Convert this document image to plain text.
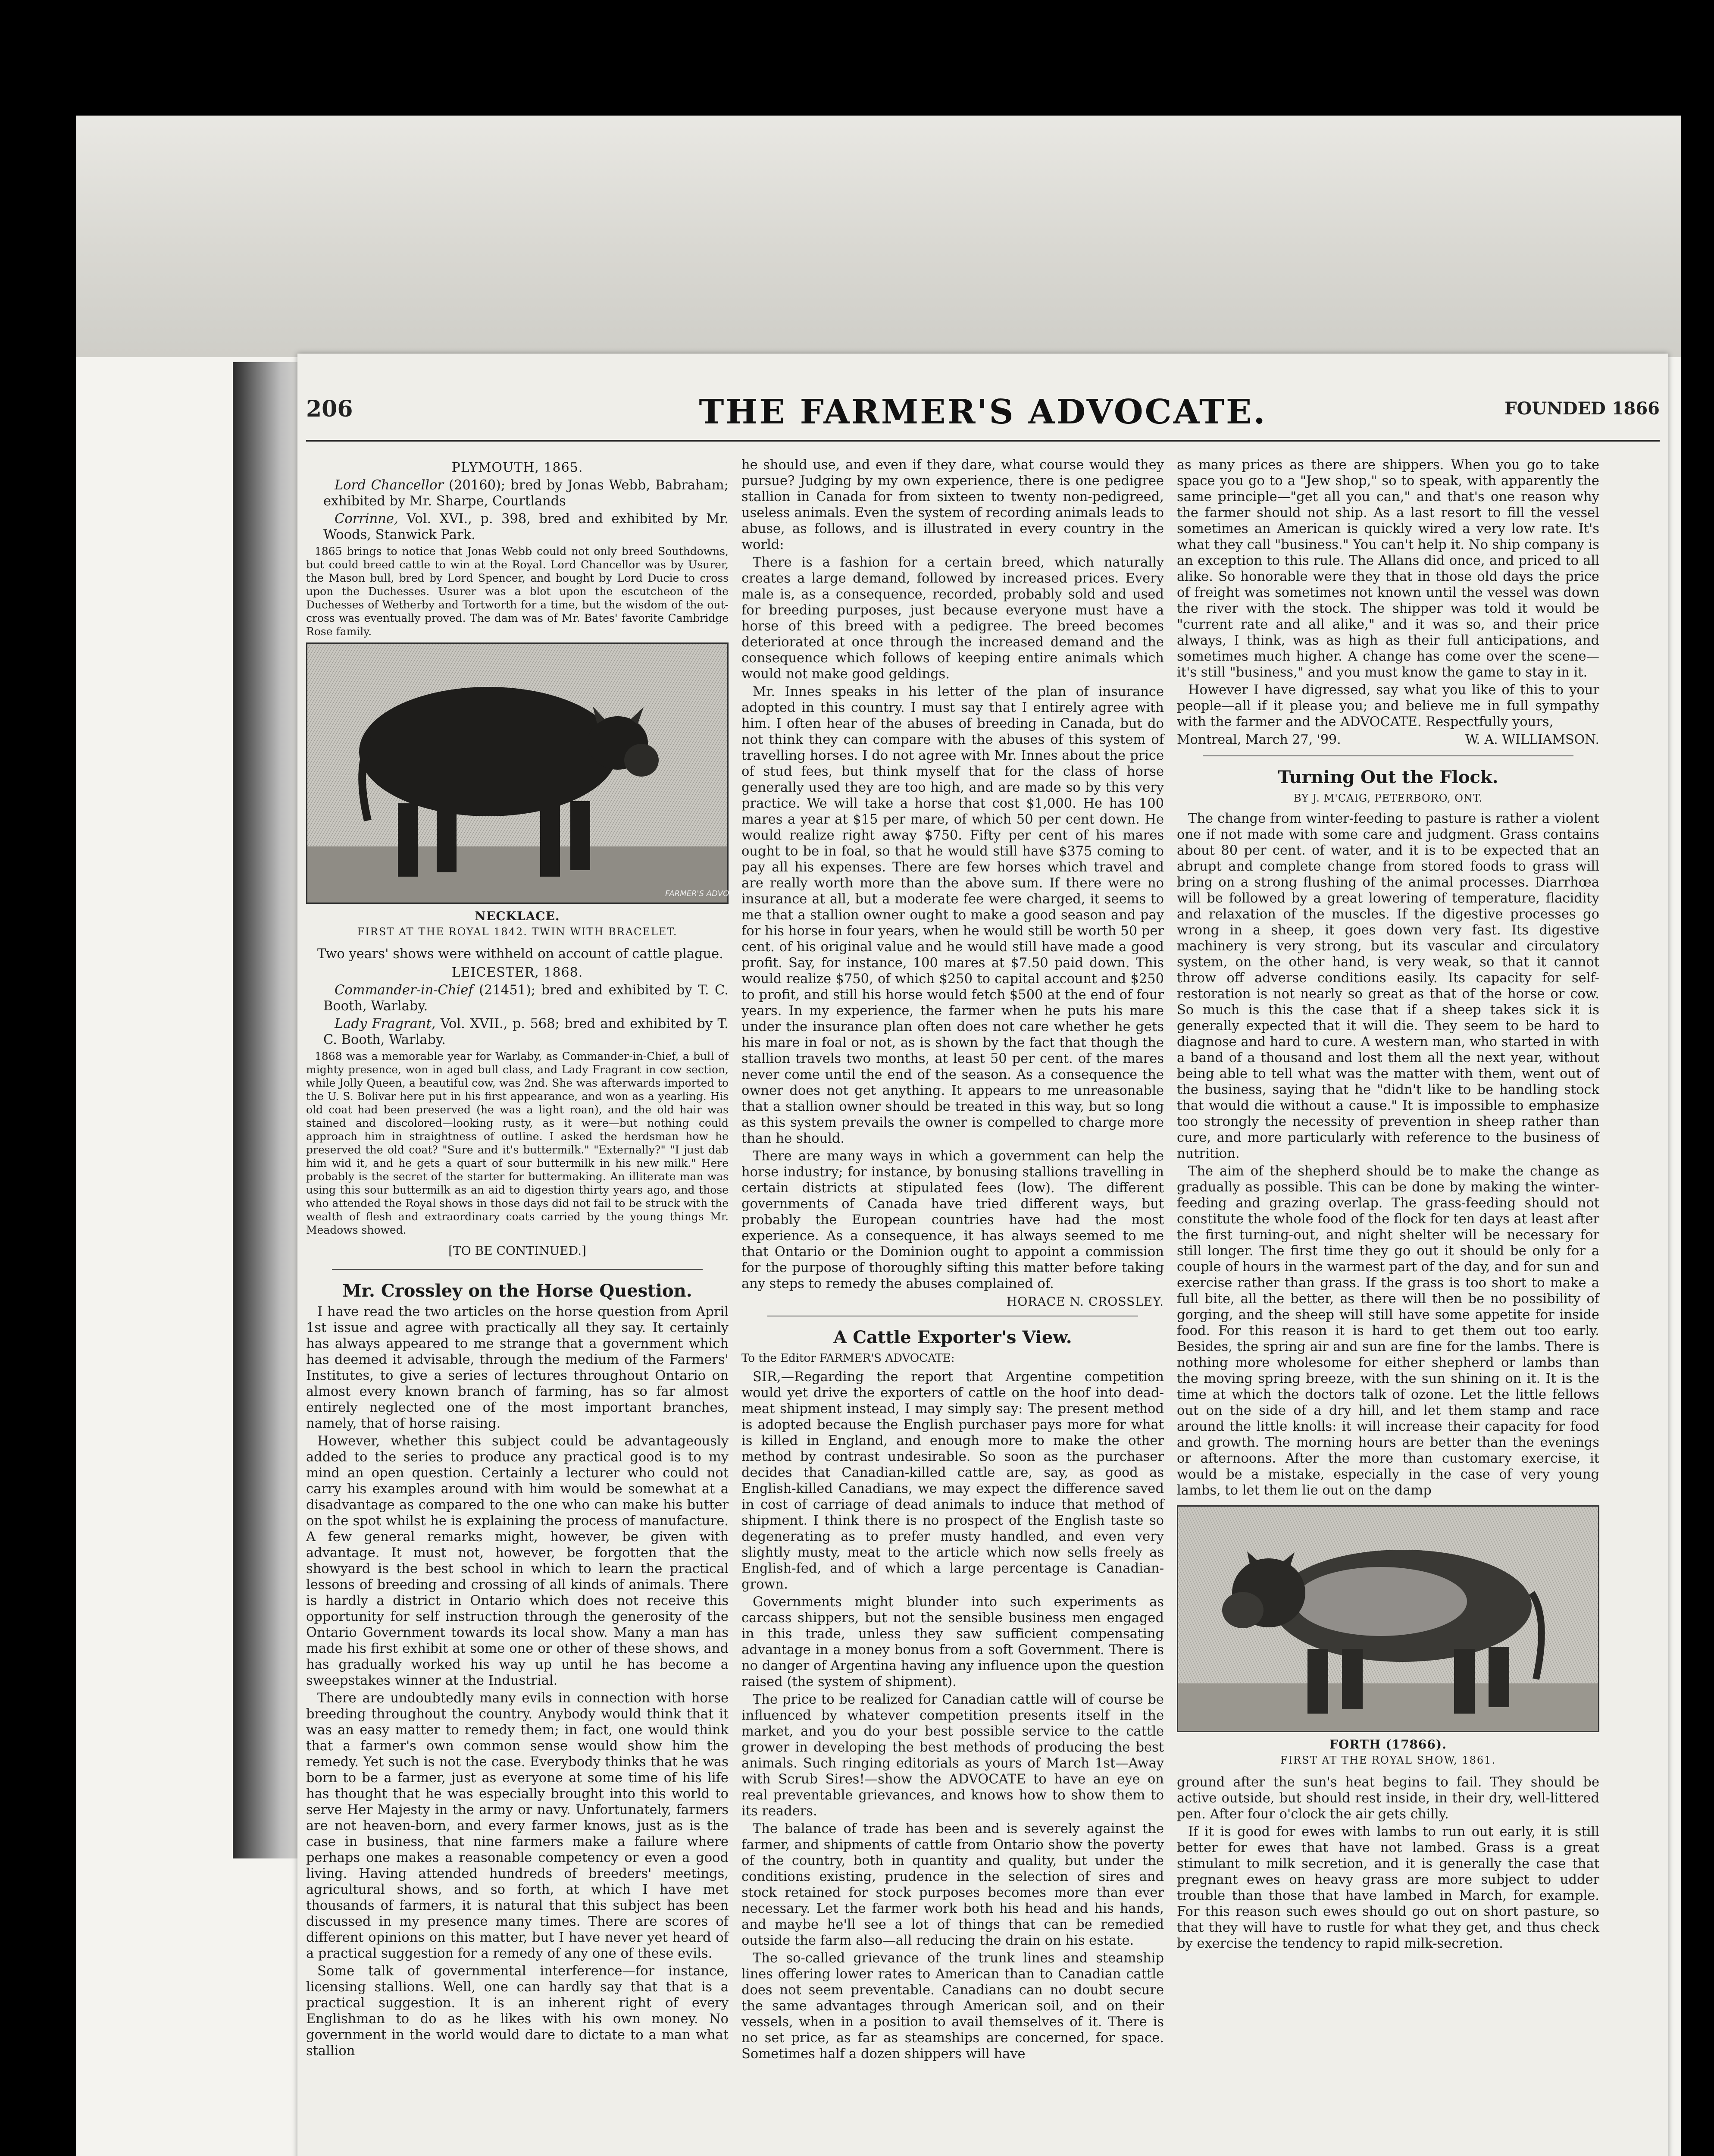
206	THE FARMER'S ADVOCATE.	FOUNDED 1866
PLYMOUTH, 1865.

Lord Chancellor (20160); bred by Jonas Webb, Babraham; exhibited by Mr. Sharpe, Courtlands

Corrinne, Vol. XVI., p. 398, bred and exhibited by Mr. Woods, Stanwick Park.

1865 brings to notice that Jonas Webb could not only breed Southdowns, but could breed cattle to win at the Royal. Lord Chancellor was by Usurer, the Mason bull, bred by Lord Spencer, and bought by Lord Ducie to cross upon the Duchesses. Usurer was a blot upon the escutcheon of the Duchesses of Wetherby and Tortworth for a time, but the wisdom of the out-cross was eventually proved. The dam was of Mr. Bates' favorite Cambridge Rose family.

FARMER'S ADVOCATE
NECKLACE.
FIRST AT THE ROYAL 1842. TWIN WITH BRACELET.

Two years' shows were withheld on account of cattle plague.

LEICESTER, 1868.

Commander-in-Chief (21451); bred and exhibited by T. C. Booth, Warlaby.

Lady Fragrant, Vol. XVII., p. 568; bred and exhibited by T. C. Booth, Warlaby.

1868 was a memorable year for Warlaby, as Commander-in-Chief, a bull of mighty presence, won in aged bull class, and Lady Fragrant in cow section, while Jolly Queen, a beautiful cow, was 2nd. She was afterwards imported to the U. S. Bolivar here put in his first appearance, and won as a yearling. His old coat had been preserved (he was a light roan), and the old hair was stained and discolored—looking rusty, as it were—but nothing could approach him in straightness of outline. I asked the herdsman how he preserved the old coat? "Sure and it's buttermilk." "Externally?" "I just dab him wid it, and he gets a quart of sour buttermilk in his new milk." Here probably is the secret of the starter for buttermaking. An illiterate man was using this sour buttermilk as an aid to digestion thirty years ago, and those who attended the Royal shows in those days did not fail to be struck with the wealth of flesh and extraordinary coats carried by the young things Mr. Meadows showed.

[TO BE CONTINUED.]
Mr. Crossley on the Horse Question.

I have read the two articles on the horse question from April 1st issue and agree with practically all they say. It certainly has always appeared to me strange that a government which has deemed it advisable, through the medium of the Farmers' Institutes, to give a series of lectures throughout Ontario on almost every known branch of farming, has so far almost entirely neglected one of the most important branches, namely, that of horse raising.

However, whether this subject could be advantageously added to the series to produce any practical good is to my mind an open question. Certainly a lecturer who could not carry his examples around with him would be somewhat at a disadvantage as compared to the one who can make his butter on the spot whilst he is explaining the process of manufacture. A few general remarks might, however, be given with advantage. It must not, however, be forgotten that the showyard is the best school in which to learn the practical lessons of breeding and crossing of all kinds of animals. There is hardly a district in Ontario which does not receive this opportunity for self instruction through the generosity of the Ontario Government towards its local show. Many a man has made his first exhibit at some one or other of these shows, and has gradually worked his way up until he has become a sweepstakes winner at the Industrial.

There are undoubtedly many evils in connection with horse breeding throughout the country. Anybody would think that it was an easy matter to remedy them; in fact, one would think that a farmer's own common sense would show him the remedy. Yet such is not the case. Everybody thinks that he was born to be a farmer, just as everyone at some time of his life has thought that he was especially brought into this world to serve Her Majesty in the army or navy. Unfortunately, farmers are not heaven-born, and every farmer knows, just as is the case in business, that nine farmers make a failure where perhaps one makes a reasonable competency or even a good living. Having attended hundreds of breeders' meetings, agricultural shows, and so forth, at which I have met thousands of farmers, it is natural that this subject has been discussed in my presence many times. There are scores of different opinions on this matter, but I have never yet heard of a practical suggestion for a remedy of any one of these evils.

Some talk of governmental interference—for instance, licensing stallions. Well, one can hardly say that that is a practical suggestion. It is an inherent right of every Englishman to do as he likes with his own money. No government in the world would dare to dictate to a man what stallion

he should use, and even if they dare, what course would they pursue? Judging by my own experience, there is one pedigree stallion in Canada for from sixteen to twenty non-pedigreed, useless animals. Even the system of recording animals leads to abuse, as follows, and is illustrated in every country in the world:

There is a fashion for a certain breed, which naturally creates a large demand, followed by increased prices. Every male is, as a consequence, recorded, probably sold and used for breeding purposes, just because everyone must have a horse of this breed with a pedigree. The breed becomes deteriorated at once through the increased demand and the consequence which follows of keeping entire animals which would not make good geldings.

Mr. Innes speaks in his letter of the plan of insurance adopted in this country. I must say that I entirely agree with him. I often hear of the abuses of breeding in Canada, but do not think they can compare with the abuses of this system of travelling horses. I do not agree with Mr. Innes about the price of stud fees, but think myself that for the class of horse generally used they are too high, and are made so by this very practice. We will take a horse that cost $1,000. He has 100 mares a year at $15 per mare, of which 50 per cent down. He would realize right away $750. Fifty per cent of his mares ought to be in foal, so that he would still have $375 coming to pay all his expenses. There are few horses which travel and are really worth more than the above sum. If there were no insurance at all, but a moderate fee were charged, it seems to me that a stallion owner ought to make a good season and pay for his horse in four years, when he would still be worth 50 per cent. of his original value and he would still have made a good profit. Say, for instance, 100 mares at $7.50 paid down. This would realize $750, of which $250 to capital account and $250 to profit, and still his horse would fetch $500 at the end of four years. In my experience, the farmer when he puts his mare under the insurance plan often does not care whether he gets his mare in foal or not, as is shown by the fact that though the stallion travels two months, at least 50 per cent. of the mares never come until the end of the season. As a consequence the owner does not get anything. It appears to me unreasonable that a stallion owner should be treated in this way, but so long as this system prevails the owner is compelled to charge more than he should.

There are many ways in which a government can help the horse industry; for instance, by bonusing stallions travelling in certain districts at stipulated fees (low). The different governments of Canada have tried different ways, but probably the European countries have had the most experience. As a consequence, it has always seemed to me that Ontario or the Dominion ought to appoint a commission for the purpose of thoroughly sifting this matter before taking any steps to remedy the abuses complained of.

HORACE N. CROSSLEY.
A Cattle Exporter's View.
To the Editor FARMER'S ADVOCATE:

SIR,—Regarding the report that Argentine competition would yet drive the exporters of cattle on the hoof into dead-meat shipment instead, I may simply say: The present method is adopted because the English purchaser pays more for what is killed in England, and enough more to make the other method by contrast undesirable. So soon as the purchaser decides that Canadian-killed cattle are, say, as good as English-killed Canadians, we may expect the difference saved in cost of carriage of dead animals to induce that method of shipment. I think there is no prospect of the English taste so degenerating as to prefer musty handled, and even very slightly musty, meat to the article which now sells freely as English-fed, and of which a large percentage is Canadian-grown.

Governments might blunder into such experiments as carcass shippers, but not the sensible business men engaged in this trade, unless they saw sufficient compensating advantage in a money bonus from a soft Government. There is no danger of Argentina having any influence upon the question raised (the system of shipment).

The price to be realized for Canadian cattle will of course be influenced by whatever competition presents itself in the market, and you do your best possible service to the cattle grower in developing the best methods of producing the best animals. Such ringing editorials as yours of March 1st—Away with Scrub Sires!—show the ADVOCATE to have an eye on real preventable grievances, and knows how to show them to its readers.

The balance of trade has been and is severely against the farmer, and shipments of cattle from Ontario show the poverty of the country, both in quantity and quality, but under the conditions existing, prudence in the selection of sires and stock retained for stock purposes becomes more than ever necessary. Let the farmer work both his head and his hands, and maybe he'll see a lot of things that can be remedied outside the farm also—all reducing the drain on his estate.

The so-called grievance of the trunk lines and steamship lines offering lower rates to American than to Canadian cattle does not seem preventable. Canadians can no doubt secure the same advantages through American soil, and on their vessels, when in a position to avail themselves of it. There is no set price, as far as steamships are concerned, for space. Sometimes half a dozen shippers will have

as many prices as there are shippers. When you go to take space you go to a "Jew shop," so to speak, with apparently the same principle—"get all you can," and that's one reason why the farmer should not ship. As a last resort to fill the vessel sometimes an American is quickly wired a very low rate. It's what they call "business." You can't help it. No ship company is an exception to this rule. The Allans did once, and priced to all alike. So honorable were they that in those old days the price of freight was sometimes not known until the vessel was down the river with the stock. The shipper was told it would be "current rate and all alike," and it was so, and their price always, I think, was as high as their full anticipations, and sometimes much higher. A change has come over the scene—it's still "business," and you must know the game to stay in it.

However I have digressed, say what you like of this to your people—all if it please you; and believe me in full sympathy with the farmer and the ADVOCATE. Respectfully yours,

Montreal, March 27, '99.	W. A. WILLIAMSON.
Turning Out the Flock.
BY J. M'CAIG, PETERBORO, ONT.

The change from winter-feeding to pasture is rather a violent one if not made with some care and judgment. Grass contains about 80 per cent. of water, and it is to be expected that an abrupt and complete change from stored foods to grass will bring on a strong flushing of the animal processes. Diarrhœa will be followed by a great lowering of temperature, flacidity and relaxation of the muscles. If the digestive processes go wrong in a sheep, it goes down very fast. Its digestive machinery is very strong, but its vascular and circulatory system, on the other hand, is very weak, so that it cannot throw off adverse conditions easily. Its capacity for self-restoration is not nearly so great as that of the horse or cow. So much is this the case that if a sheep takes sick it is generally expected that it will die. They seem to be hard to diagnose and hard to cure. A western man, who started in with a band of a thousand and lost them all the next year, without being able to tell what was the matter with them, went out of the business, saying that he "didn't like to be handling stock that would die without a cause." It is impossible to emphasize too strongly the necessity of prevention in sheep rather than cure, and more particularly with reference to the business of nutrition.

The aim of the shepherd should be to make the change as gradually as possible. This can be done by making the winter-feeding and grazing overlap. The grass-feeding should not constitute the whole food of the flock for ten days at least after the first turning-out, and night shelter will be necessary for still longer. The first time they go out it should be only for a couple of hours in the warmest part of the day, and for sun and exercise rather than grass. If the grass is too short to make a full bite, all the better, as there will then be no possibility of gorging, and the sheep will still have some appetite for inside food. For this reason it is hard to get them out too early. Besides, the spring air and sun are fine for the lambs. There is nothing more wholesome for either shepherd or lambs than the moving spring breeze, with the sun shining on it. It is the time at which the doctors talk of ozone. Let the little fellows out on the side of a dry hill, and let them stamp and race around the little knolls: it will increase their capacity for food and growth. The morning hours are better than the evenings or afternoons. After the more than customary exercise, it would be a mistake, especially in the case of very young lambs, to let them lie out on the damp

FORTH (17866).
FIRST AT THE ROYAL SHOW, 1861.

ground after the sun's heat begins to fail. They should be active outside, but should rest inside, in their dry, well-littered pen. After four o'clock the air gets chilly.

If it is good for ewes with lambs to run out early, it is still better for ewes that have not lambed. Grass is a great stimulant to milk secretion, and it is generally the case that pregnant ewes on heavy grass are more subject to udder trouble than those that have lambed in March, for example. For this reason such ewes should go out on short pasture, so that they will have to rustle for what they get, and thus check by exercise the tendency to rapid milk-secretion.
